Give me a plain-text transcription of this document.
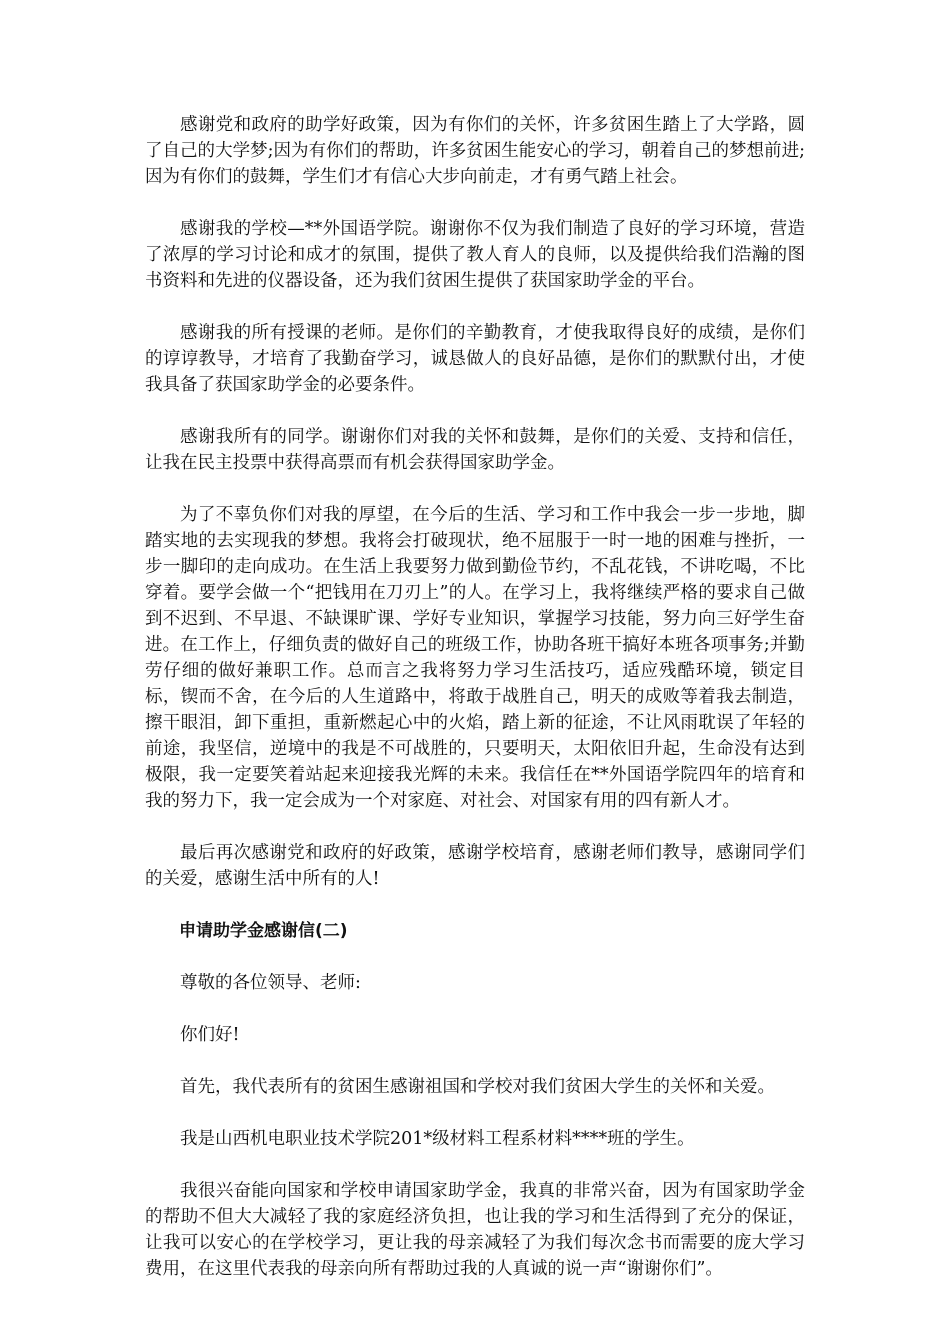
感谢党和政府的助学好政策，因为有你们的关怀，许多贫困生踏上了大学路，圆了自己的大学梦;因为有你们的帮助，许多贫困生能安心的学习，朝着自己的梦想前进;因为有你们的鼓舞，学生们才有信心大步向前走，才有勇气踏上社会。

感谢我的学校—**外国语学院。谢谢你不仅为我们制造了良好的学习环境，营造了浓厚的学习讨论和成才的氛围，提供了教人育人的良师，以及提供给我们浩瀚的图书资料和先进的仪器设备，还为我们贫困生提供了获国家助学金的平台。

感谢我的所有授课的老师。是你们的辛勤教育，才使我取得良好的成绩，是你们的谆谆教导，才培育了我勤奋学习，诚恳做人的良好品德，是你们的默默付出，才使我具备了获国家助学金的必要条件。

感谢我所有的同学。谢谢你们对我的关怀和鼓舞，是你们的关爱、支持和信任，让我在民主投票中获得高票而有机会获得国家助学金。

为了不辜负你们对我的厚望，在今后的生活、学习和工作中我会一步一步地，脚踏实地的去实现我的梦想。我将会打破现状，绝不屈服于一时一地的困难与挫折，一步一脚印的走向成功。在生活上我要努力做到勤俭节约，不乱花钱，不讲吃喝，不比穿着。要学会做一个“把钱用在刀刃上”的人。在学习上，我将继续严格的要求自己做到不迟到、不早退、不缺课旷课、学好专业知识，掌握学习技能，努力向三好学生奋进。在工作上，仔细负责的做好自己的班级工作，协助各班干搞好本班各项事务;并勤劳仔细的做好兼职工作。总而言之我将努力学习生活技巧，适应残酷环境，锁定目标，锲而不舍，在今后的人生道路中，将敢于战胜自己，明天的成败等着我去制造，擦干眼泪，卸下重担，重新燃起心中的火焰，踏上新的征途，不让风雨耽误了年轻的前途，我坚信，逆境中的我是不可战胜的，只要明天，太阳依旧升起，生命没有达到极限，我一定要笑着站起来迎接我光辉的未来。我信任在**外国语学院四年的培育和我的努力下，我一定会成为一个对家庭、对社会、对国家有用的四有新人才。

最后再次感谢党和政府的好政策，感谢学校培育，感谢老师们教导，感谢同学们的关爱，感谢生活中所有的人!

申请助学金感谢信(二)

尊敬的各位领导、老师:

你们好!

首先，我代表所有的贫困生感谢祖国和学校对我们贫困大学生的关怀和关爱。

我是山西机电职业技术学院201*级材料工程系材料****班的学生。

我很兴奋能向国家和学校申请国家助学金，我真的非常兴奋，因为有国家助学金的帮助不但大大减轻了我的家庭经济负担，也让我的学习和生活得到了充分的保证，让我可以安心的在学校学习，更让我的母亲减轻了为我们每次念书而需要的庞大学习费用，在这里代表我的母亲向所有帮助过我的人真诚的说一声“谢谢你们”。
